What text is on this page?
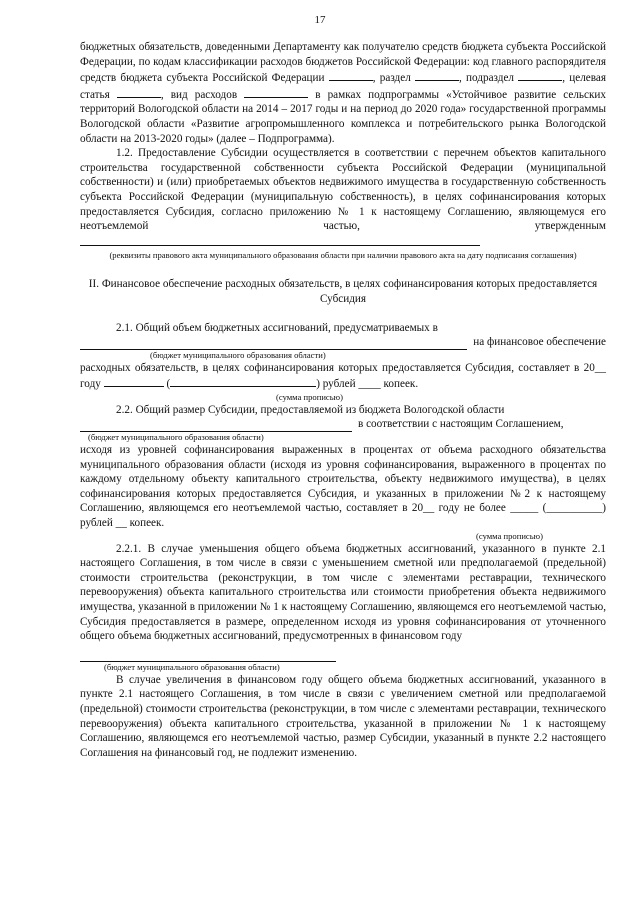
17

бюджетных обязательств, доведенными Департаменту как получателю средств бюджета субъекта Российской Федерации, по кодам классификации расходов бюджетов Российской Федерации: код главного распорядителя средств бюджета субъекта Российской Федерации	, раздел	, подраздел	, целевая статья	, вид расходов	в рамках подпрограммы «Устойчивое развитие сельских территорий Вологодской области на 2014 – 2017 годы и на период до 2020 года» государственной программы Вологодской области «Развитие агропромышленного комплекса и потребительского рынка Вологодской области на 2013-2020 годы» (далее – Подпрограмма).

1.2. Предоставление Субсидии осуществляется в соответствии с перечнем объектов капитального строительства государственной собственности субъекта Российской Федерации (муниципальной собственности) и (или) приобретаемых объектов недвижимого имущества в государственную собственность субъекта Российской Федерации (муниципальную собственность), в целях софинансирования которых предоставляется Субсидия, согласно приложению № 1 к настоящему Соглашению, являющемуся его неотъемлемой частью, утвержденным

(реквизиты правового акта муниципального образования области при наличии правового акта на дату подписания соглашения)

II. Финансовое обеспечение расходных обязательств, в целях софинансирования которых предоставляется Субсидия

2.1. Общий объем бюджетных ассигнований, предусматриваемых в

на финансовое обеспечение

(бюджет муниципального образования области)

расходных обязательств, в целях софинансирования которых предоставляется Субсидия, составляет в 20__ году	(	) рублей ____ копеек.

(сумма прописью)

2.2. Общий размер Субсидии, предоставляемой из бюджета Вологодской области

в соответствии с настоящим Соглашением,

(бюджет муниципального образования области)

исходя из уровней софинансирования выраженных в процентах от объема расходного обязательства муниципального образования области (исходя из уровня софинансирования, выраженного в процентах по каждому отдельному объекту капитального строительства, объекту недвижимого имущества), в целях софинансирования которых предоставляется Субсидия, и указанных в приложении №2 к настоящему Соглашению, являющемся его неотъемлемой частью, составляет в 20__ году не более _____ (__________) рублей __ копеек.

(сумма прописью)

2.2.1. В случае уменьшения общего объема бюджетных ассигнований, указанного в пункте 2.1 настоящего Соглашения, в том числе в связи с уменьшением сметной или предполагаемой (предельной) стоимости строительства (реконструкции, в том числе с элементами реставрации, технического перевооружения) объекта капитального строительства или стоимости приобретения объекта недвижимого имущества, указанной в приложении № 1 к настоящему Соглашению, являющемся его неотъемлемой частью, Субсидия предоставляется в размере, определенном исходя из уровня софинансирования от уточненного общего объема бюджетных ассигнований, предусмотренных в финансовом году

(бюджет муниципального образования области)

В случае увеличения в финансовом году общего объема бюджетных ассигнований, указанного в пункте 2.1 настоящего Соглашения, в том числе в связи с увеличением сметной или предполагаемой (предельной) стоимости строительства (реконструкции, в том числе с элементами реставрации, технического перевооружения) объекта капитального строительства, указанной в приложении № 1 к настоящему Соглашению, являющемся его неотъемлемой частью, размер Субсидии, указанный в пункте 2.2 настоящего Соглашения на финансовый год, не подлежит изменению.
